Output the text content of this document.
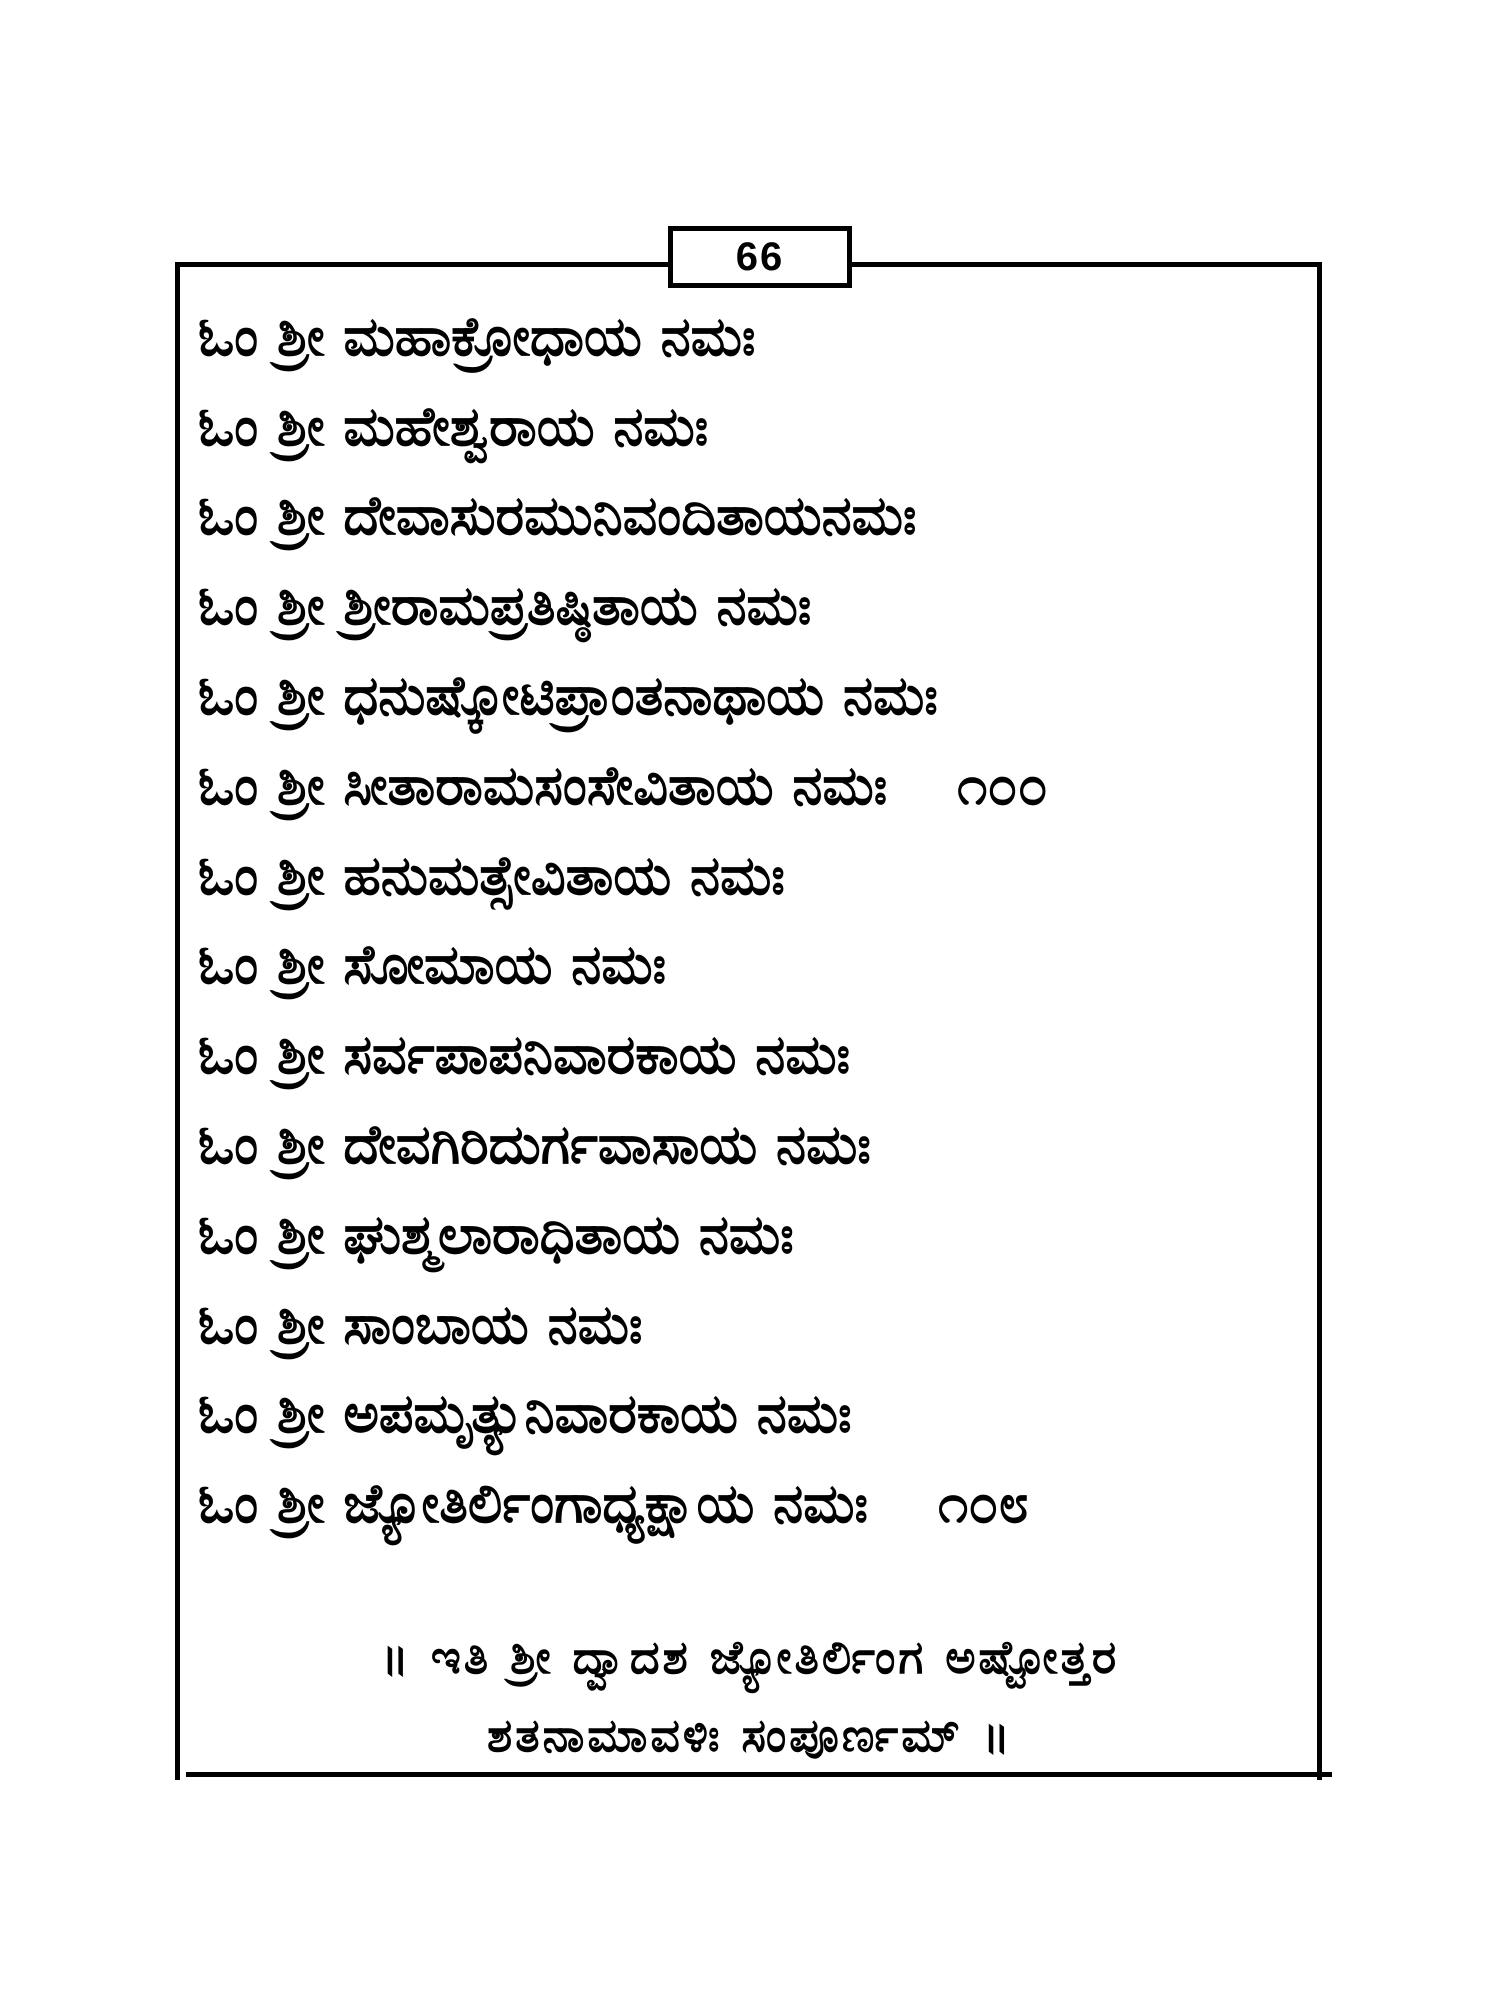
66
ಓಂ ಶ್ರೀ ಮಹಾಕ್ರೋಧಾಯ ನಮಃ
ಓಂ ಶ್ರೀ ಮಹೇಶ್ವರಾಯ ನಮಃ
ಓಂ ಶ್ರೀ ದೇವಾಸುರಮುನಿವಂದಿತಾಯನಮಃ
ಓಂ ಶ್ರೀ ಶ್ರೀರಾಮಪ್ರತಿಷ್ಠಿತಾಯ ನಮಃ
ಓಂ ಶ್ರೀ ಧನುಷ್ಕೋಟಿಪ್ರಾಂತನಾಥಾಯ ನಮಃ
ಓಂ ಶ್ರೀ ಸೀತಾರಾಮಸಂಸೇವಿತಾಯ ನಮಃ ೧೦೦
ಓಂ ಶ್ರೀ ಹನುಮತ್ಸೇವಿತಾಯ ನಮಃ
ಓಂ ಶ್ರೀ ಸೋಮಾಯ ನಮಃ
ಓಂ ಶ್ರೀ ಸರ್ವಪಾಪನಿವಾರಕಾಯ ನಮಃ
ಓಂ ಶ್ರೀ ದೇವಗಿರಿದುರ್ಗವಾಸಾಯ ನಮಃ
ಓಂ ಶ್ರೀ ಘುಶ್ಮಲಾರಾಧಿತಾಯ ನಮಃ
ಓಂ ಶ್ರೀ ಸಾಂಬಾಯ ನಮಃ
ಓಂ ಶ್ರೀ ಅಪಮೃತ್ಯುನಿವಾರಕಾಯ ನಮಃ
ಓಂ ಶ್ರೀ ಜ್ಯೋತಿರ್ಲಿಂಗಾಧ್ಯಕ್ಷಾಯ ನಮಃ ೧೦೮
॥ ಇತಿ ಶ್ರೀ ದ್ವಾದಶ ಜ್ಯೋತಿರ್ಲಿಂಗ ಅಷ್ಟೋತ್ತರ
ಶತನಾಮಾವಳಿಃ ಸಂಪೂರ್ಣಮ್ ॥
